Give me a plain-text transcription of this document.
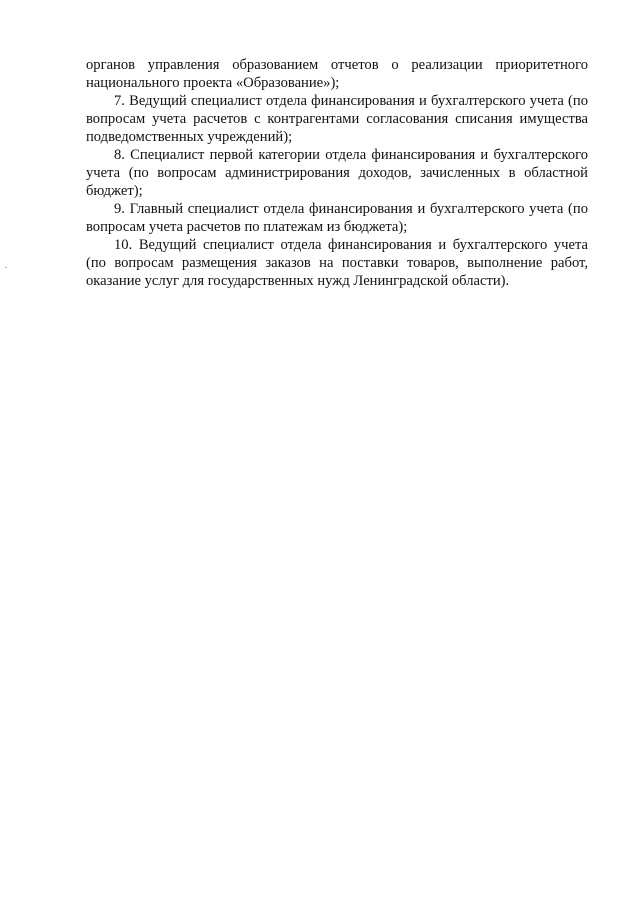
органов управления образованием отчетов о реализации приоритетного национального проекта «Образование»);

7. Ведущий специалист отдела финансирования и бухгалтерского учета (по вопросам учета расчетов с контрагентами согласования списания имущества подведомственных учреждений);

8. Специалист первой категории отдела финансирования и бухгалтерского учета (по вопросам администрирования доходов, зачисленных в областной бюджет);

9. Главный специалист отдела финансирования и бухгалтерского учета (по вопросам учета расчетов по платежам из бюджета);

10. Ведущий специалист отдела финансирования и бухгалтерского учета (по вопросам размещения заказов на поставки товаров, выполнение работ, оказание услуг для государственных нужд Ленинградской области).

·
